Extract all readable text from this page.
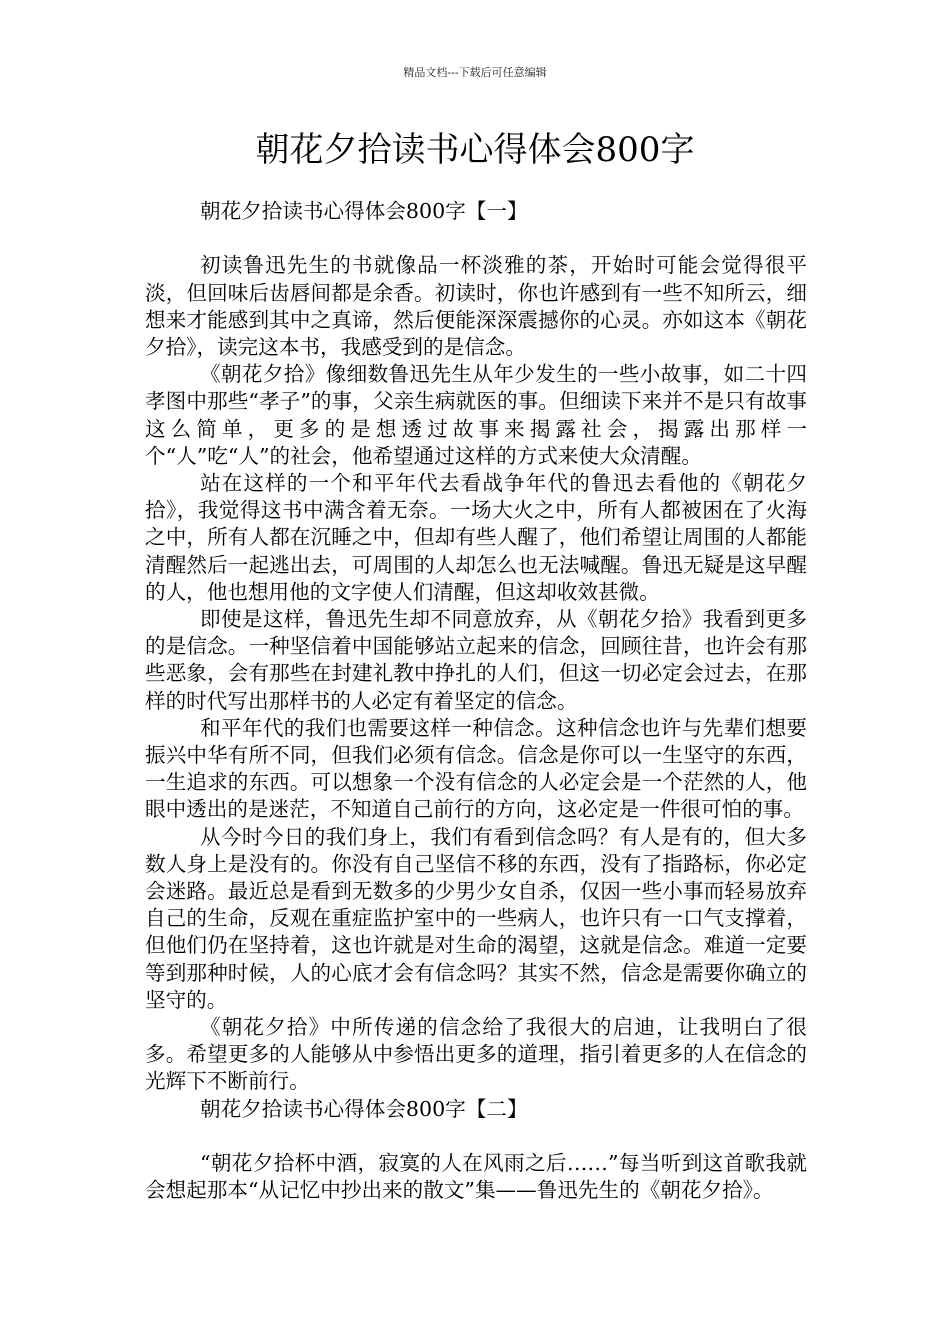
精品文档---下载后可任意编辑
朝花夕拾读书心得体会800字

朝花夕拾读书心得体会800字【一】

初读鲁迅先生的书就像品一杯淡雅的茶，开始时可能会觉得很平淡，但回味后齿唇间都是余香。初读时，你也许感到有一些不知所云，细想来才能感到其中之真谛，然后便能深深震撼你的心灵。亦如这本《朝花夕拾》，读完这本书，我感受到的是信念。

《朝花夕拾》像细数鲁迅先生从年少发生的一些小故事，如二十四孝图中那些“孝子”的事，父亲生病就医的事。但细读下来并不是只有故事这么简单，更多的是想透过故事来揭露社会，揭露出那样一个“人”吃“人”的社会，他希望通过这样的方式来使大众清醒。

站在这样的一个和平年代去看战争年代的鲁迅去看他的《朝花夕拾》，我觉得这书中满含着无奈。一场大火之中，所有人都被困在了火海之中，所有人都在沉睡之中，但却有些人醒了，他们希望让周围的人都能清醒然后一起逃出去，可周围的人却怎么也无法喊醒。鲁迅无疑是这早醒的人，他也想用他的文字使人们清醒，但这却收效甚微。

即使是这样，鲁迅先生却不同意放弃，从《朝花夕拾》我看到更多的是信念。一种坚信着中国能够站立起来的信念，回顾往昔，也许会有那些恶象，会有那些在封建礼教中挣扎的人们，但这一切必定会过去，在那样的时代写出那样书的人必定有着坚定的信念。

和平年代的我们也需要这样一种信念。这种信念也许与先辈们想要振兴中华有所不同，但我们必须有信念。信念是你可以一生坚守的东西，一生追求的东西。可以想象一个没有信念的人必定会是一个茫然的人，他眼中透出的是迷茫，不知道自己前行的方向，这必定是一件很可怕的事。

从今时今日的我们身上，我们有看到信念吗？有人是有的，但大多数人身上是没有的。你没有自己坚信不移的东西，没有了指路标，你必定会迷路。最近总是看到无数多的少男少女自杀，仅因一些小事而轻易放弃自己的生命，反观在重症监护室中的一些病人，也许只有一口气支撑着，但他们仍在坚持着，这也许就是对生命的渴望，这就是信念。难道一定要等到那种时候，人的心底才会有信念吗？其实不然，信念是需要你确立的坚守的。

《朝花夕拾》中所传递的信念给了我很大的启迪，让我明白了很多。希望更多的人能够从中参悟出更多的道理，指引着更多的人在信念的光辉下不断前行。

朝花夕拾读书心得体会800字【二】

“朝花夕拾杯中酒，寂寞的人在风雨之后……”每当听到这首歌我就会想起那本“从记忆中抄出来的散文”集——鲁迅先生的《朝花夕拾》。
